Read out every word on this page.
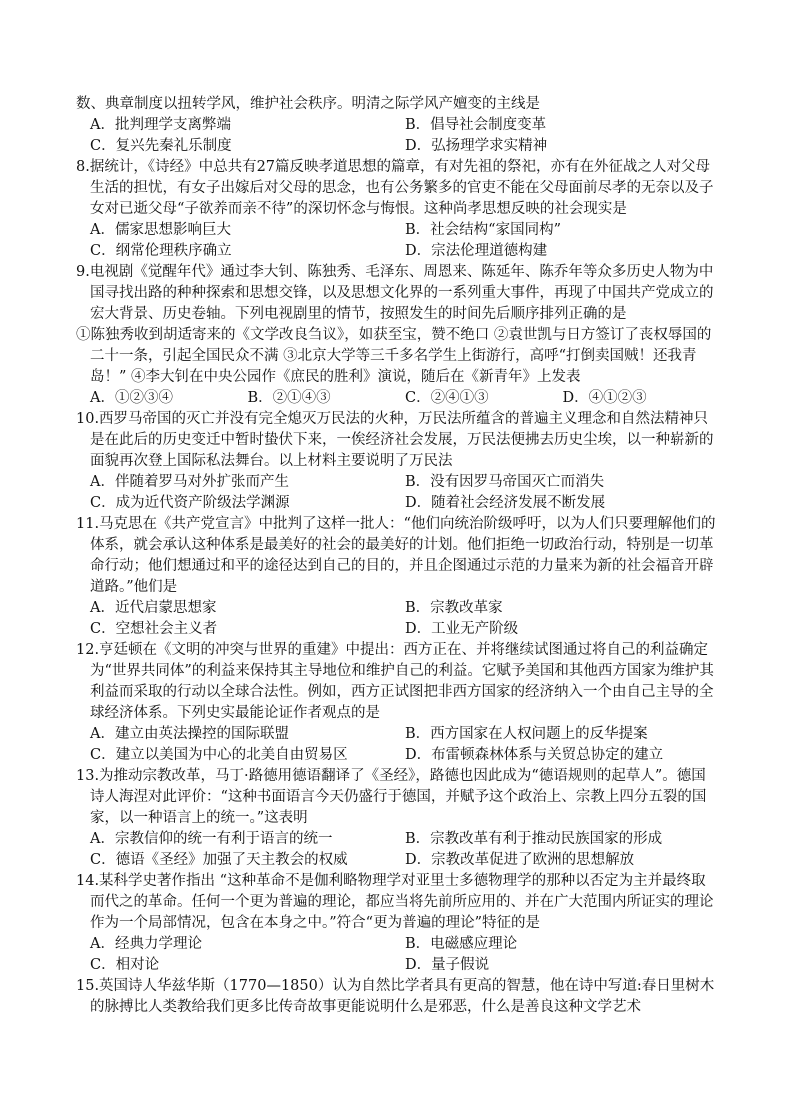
数、典章制度以扭转学风，维护社会秩序。明清之际学风产嬗变的主线是

A．批判理学支离弊端	B．倡导社会制度变革
C．复兴先秦礼乐制度	D．弘扬理学求实精神

8.据统计，《诗经》中总共有27篇反映孝道思想的篇章，有对先祖的祭祀，亦有在外征战之人对父母生活的担忧，有女子出嫁后对父母的思念，也有公务繁多的官吏不能在父母面前尽孝的无奈以及子女对已逝父母“子欲养而亲不待”的深切怀念与悔恨。这种尚孝思想反映的社会现实是

A．儒家思想影响巨大	B．社会结构“家国同构”
C．纲常伦理秩序确立	D．宗法伦理道德构建

9.电视剧《觉醒年代》通过李大钊、陈独秀、毛泽东、周恩来、陈延年、陈乔年等众多历史人物为中国寻找出路的种种探索和思想交锋，以及思想文化界的一系列重大事件，再现了中国共产党成立的宏大背景、历史卷轴。下列电视剧里的情节，按照发生的时间先后顺序排列正确的是

①陈独秀收到胡适寄来的《文学改良刍议》，如获至宝，赞不绝口 ②袁世凯与日方签订了丧权辱国的二十一条，引起全国民众不满 ③北京大学等三千多名学生上街游行，高呼“打倒卖国贼！还我青岛！” ④李大钊在中央公园作《庶民的胜利》演说，随后在《新青年》上发表

A．①②③④	B．②①④③	C．②④①③	D．④①②③

10.西罗马帝国的灭亡并没有完全熄灭万民法的火种，万民法所蕴含的普遍主义理念和自然法精神只是在此后的历史变迁中暂时蛰伏下来，一俟经济社会发展，万民法便拂去历史尘埃，以一种崭新的面貌再次登上国际私法舞台。以上材料主要说明了万民法

A．伴随着罗马对外扩张而产生	B．没有因罗马帝国灭亡而消失
C．成为近代资产阶级法学渊源	D．随着社会经济发展不断发展

11.马克思在《共产党宣言》中批判了这样一批人：“他们向统治阶级呼吁，以为人们只要理解他们的体系，就会承认这种体系是最美好的社会的最美好的计划。他们拒绝一切政治行动，特别是一切革命行动；他们想通过和平的途径达到自己的目的，并且企图通过示范的力量来为新的社会福音开辟道路。”他们是

A．近代启蒙思想家	B．宗教改革家
C．空想社会主义者	D．工业无产阶级

12.亨廷顿在《文明的冲突与世界的重建》中提出：西方正在、并将继续试图通过将自己的利益确定为“世界共同体”的利益来保持其主导地位和维护自己的利益。它赋予美国和其他西方国家为维护其利益而采取的行动以全球合法性。例如，西方正试图把非西方国家的经济纳入一个由自己主导的全球经济体系。下列史实最能论证作者观点的是

A．建立由英法操控的国际联盟	B．西方国家在人权问题上的反华提案
C．建立以美国为中心的北美自由贸易区	D．布雷顿森林体系与关贸总协定的建立

13.为推动宗教改革，马丁·路德用德语翻译了《圣经》，路德也因此成为“德语规则的起草人”。德国诗人海涅对此评价：“这种书面语言今天仍盛行于德国，并赋予这个政治上、宗教上四分五裂的国家，以一种语言上的统一。”这表明

A．宗教信仰的统一有利于语言的统一	B．宗教改革有利于推动民族国家的形成
C．德语《圣经》加强了天主教会的权威	D．宗教改革促进了欧洲的思想解放

14.某科学史著作指出 “这种革命不是伽利略物理学对亚里士多德物理学的那种以否定为主并最终取而代之的革命。任何一个更为普遍的理论，都应当将先前所应用的、并在广大范围内所证实的理论作为一个局部情况，包含在本身之中。”符合“更为普遍的理论”特征的是

A．经典力学理论	B．电磁感应理论
C．相对论	D．量子假说

15.英国诗人华兹华斯（1770—1850）认为自然比学者具有更高的智慧，他在诗中写道:春日里树木的脉搏比人类教给我们更多比传奇故事更能说明什么是邪恶，什么是善良这种文学艺术
